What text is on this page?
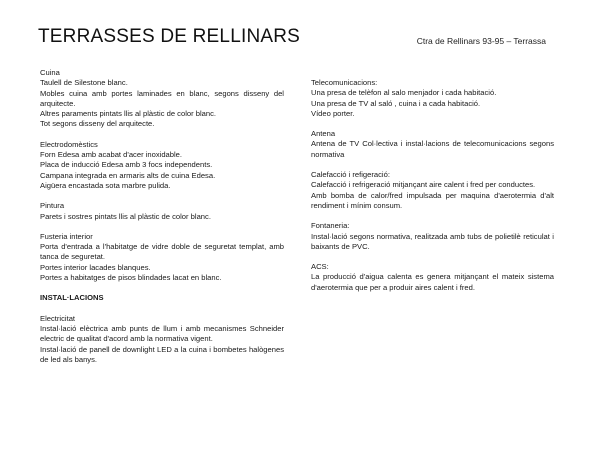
TERRASSES DE RELLINARS	Ctra de Rellinars 93-95 – Terrassa
Cuina
Taulell de Silestone blanc.
Mobles cuina amb portes laminades en blanc, segons disseny del arquitecte.
Altres paraments pintats llis al plàstic de color blanc.
Tot segons disseny del arquitecte.
Electrodomèstics
Forn Edesa amb acabat d'acer inoxidable.
Placa de inducció Edesa amb 3 focs independents.
Campana integrada en armaris alts de cuina Edesa.
Aigüera encastada sota marbre pulida.
Pintura
Parets i sostres pintats llis al plàstic de color blanc.
Fusteria interior
Porta d'entrada a l'habitatge de vidre doble de seguretat templat, amb tanca de seguretat.
Portes interior lacades blanques.
Portes a habitatges de pisos blindades lacat en blanc.
INSTAL·LACIONS
Electricitat
Instal·lació elèctrica amb punts de llum i amb mecanismes Schneider electric de qualitat d'acord amb la normativa vigent.
Instal·lació de panell de downlight LED a la cuina i bombetes halògenes de led als banys.
Telecomunicacions:
Una presa de telèfon al salo menjador i cada habitació.
Una presa de TV al saló , cuina i a cada habitació.
Vídeo porter.
Antena
Antena de TV Col·lectiva i instal·lacions de telecomunicacions segons normativa
Calefacció i refigeració:
Calefacció i refrigeració mitjançant aire calent i fred per conductes.
Amb bomba de calor/fred impulsada per maquina d'aerotermia d'alt rendiment i mínim consum.
Fontaneria:
Instal·lació segons normativa, realitzada amb tubs de polietilè reticulat i baixants de PVC.
ACS:
La producció d'aigua calenta es genera mitjançant el mateix sistema d'aerotermia que per a produir aires calent i fred.
